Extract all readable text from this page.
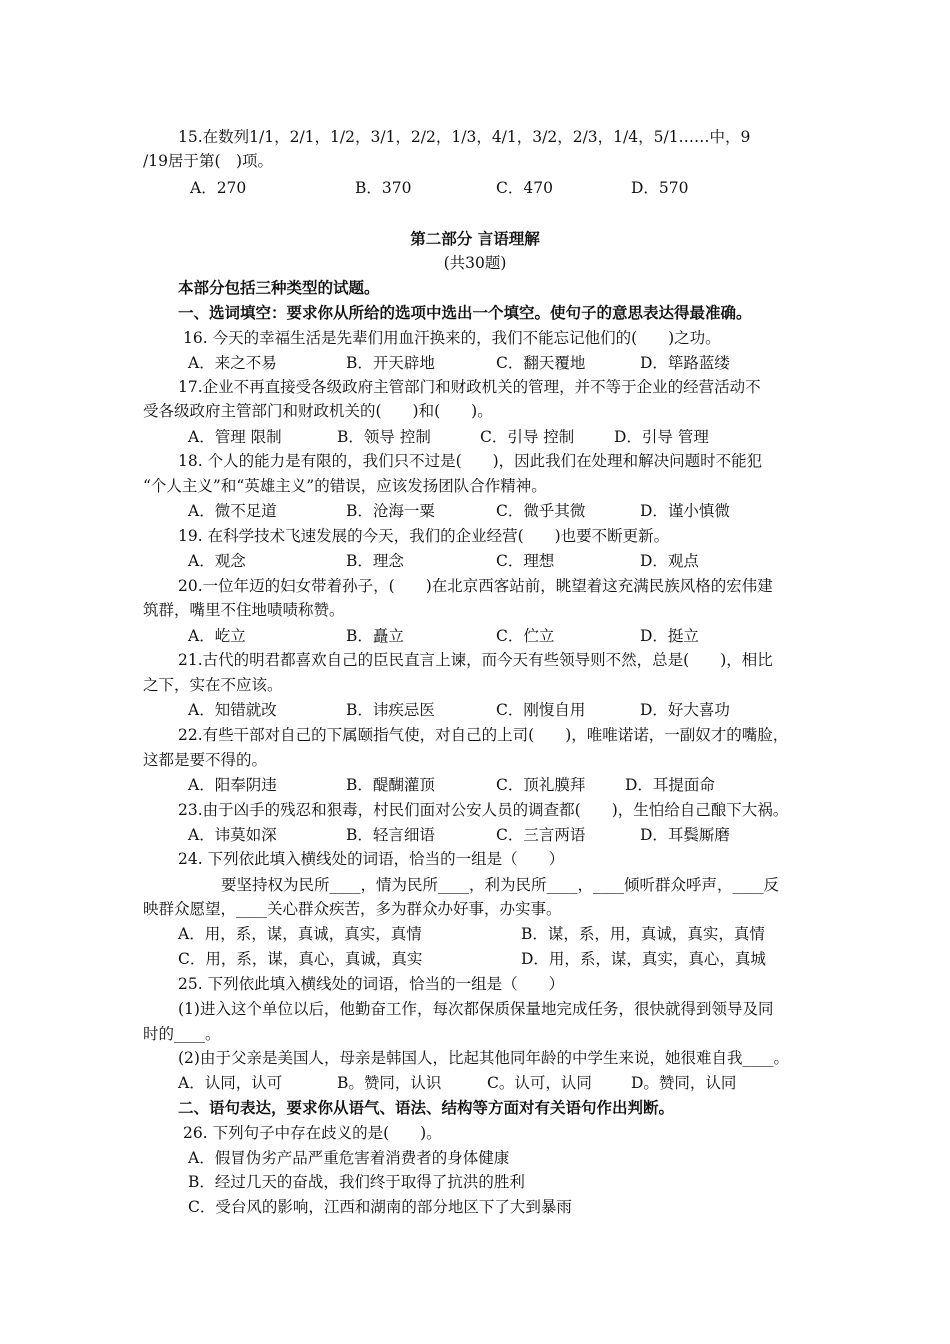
15.在数列1/1，2/1，1/2，3/1，2/2，1/3，4/1，3/2，2/3，1/4，5/1……中，9
/19居于第(　)项。
A．270	B．370	C．470	D．570
第二部分 言语理解
(共30题)
本部分包括三种类型的试题。
一、选词填空：要求你从所给的选项中选出一个填空。使句子的意思表达得最准确。
16. 今天的幸福生活是先辈们用血汗换来的，我们不能忘记他们的(　　)之功。
A．来之不易	B．开天辟地	C．翻天覆地	D．筚路蓝缕
17.企业不再直接受各级政府主管部门和财政机关的管理，并不等于企业的经营活动不
受各级政府主管部门和财政机关的(　　)和(　　)。
A．管理 限制	B．领导 控制	C．引导 控制	D．引导 管理
18. 个人的能力是有限的，我们只不过是(　　)，因此我们在处理和解决问题时不能犯
“个人主义”和“英雄主义”的错误，应该发扬团队合作精神。
A．微不足道	B．沧海一粟	C．微乎其微	D．谨小慎微
19. 在科学技术飞速发展的今天，我们的企业经营(　　)也要不断更新。
A．观念	B．理念	C．理想	D．观点
20.一位年迈的妇女带着孙子，(　　)在北京西客站前，眺望着这充满民族风格的宏伟建
筑群，嘴里不住地啧啧称赞。
A．屹立	B．矗立	C．伫立	D．挺立
21.古代的明君都喜欢自己的臣民直言上谏，而今天有些领导则不然，总是(　　)，相比
之下，实在不应该。
A．知错就改	B．讳疾忌医	C．刚愎自用	D．好大喜功
22.有些干部对自己的下属颐指气使，对自己的上司(　　)，唯唯诺诺，一副奴才的嘴脸，
这都是要不得的。
A．阳奉阴违	B．醍醐灌顶	C．顶礼膜拜	D．耳提面命
23.由于凶手的残忍和狠毒，村民们面对公安人员的调查都(　　)，生怕给自己酿下大祸。
A．讳莫如深	B．轻言细语	C．三言两语	D．耳鬓厮磨
24. 下列依此填入横线处的词语，恰当的一组是（　　）
要坚持权为民所____，情为民所____，利为民所____，____倾听群众呼声，____反
映群众愿望，____关心群众疾苦，多为群众办好事，办实事。
A．用，系，谋，真诚，真实，真情	B．谋，系，用，真诚，真实，真情
C．用，系，谋，真心，真诚，真实	D．用，系，谋，真实，真心，真城
25. 下列依此填入横线处的词语，恰当的一组是（　　）
(1)进入这个单位以后，他勤奋工作，每次都保质保量地完成任务，很快就得到领导及同
时的____。
(2)由于父亲是美国人，母亲是韩国人，比起其他同年龄的中学生来说，她很难自我____。
A．认同，认可	B。赞同，认识	C。认可，认同	D。赞同，认同
二、语句表达，要求你从语气、语法、结构等方面对有关语句作出判断。
26. 下列句子中存在歧义的是(　　)。
A．假冒伪劣产品严重危害着消费者的身体健康
B．经过几天的奋战，我们终于取得了抗洪的胜利
C．受台风的影响，江西和湖南的部分地区下了大到暴雨
